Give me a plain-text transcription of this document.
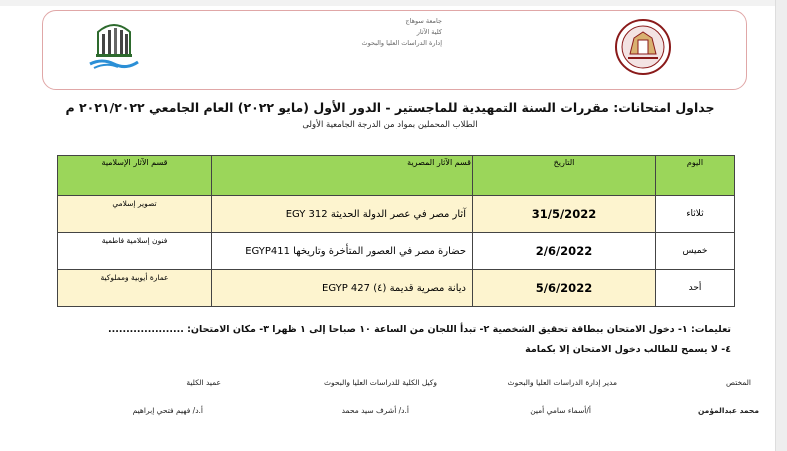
جامعة سوهاج
كلية الآثار
إدارة الدراسات العليا والبحوث
جداول امتحانات: مقررات السنة التمهيدية للماجستير - الدور الأول (مايو ٢٠٢٢) العام الجامعي ٢٠٢١/٢٠٢٢ م
الطلاب المحملين بمواد من الدرجة الجامعية الأولى
اليوم	التاريخ	قسم الآثار المصرية	قسم الآثار الإسلامية
ثلاثاء	31/5/2022	آثار مصر في عصر الدولة الحديثة EGY 312	تصوير إسلامي
خميس	2/6/2022	حضارة مصر في العصور المتأخرة وتاريخها EGYP411	فنون إسلامية فاطمية
أحد	5/6/2022	ديانة مصرية قديمة (٤) EGYP 427	عمارة أيوبية ومملوكية
تعليمات: ١- دخول الامتحان ببطاقة تحقيق الشخصية ٢- تبدأ اللجان من الساعة ١٠ صباحا إلى ١ ظهرا ٣- مكان الامتحان: .....................
٤- لا يسمح للطالب دخول الامتحان إلا بكمامة
المختص
مدير إدارة الدراسات العليا والبحوث
وكيل الكلية للدراسات العليا والبحوث
عميد الكلية
محمد عبدالمؤمن
أ/أسماء سامي أمين
أ.د/ أشرف سيد محمد
أ.د/ فهيم فتحي إبراهيم
